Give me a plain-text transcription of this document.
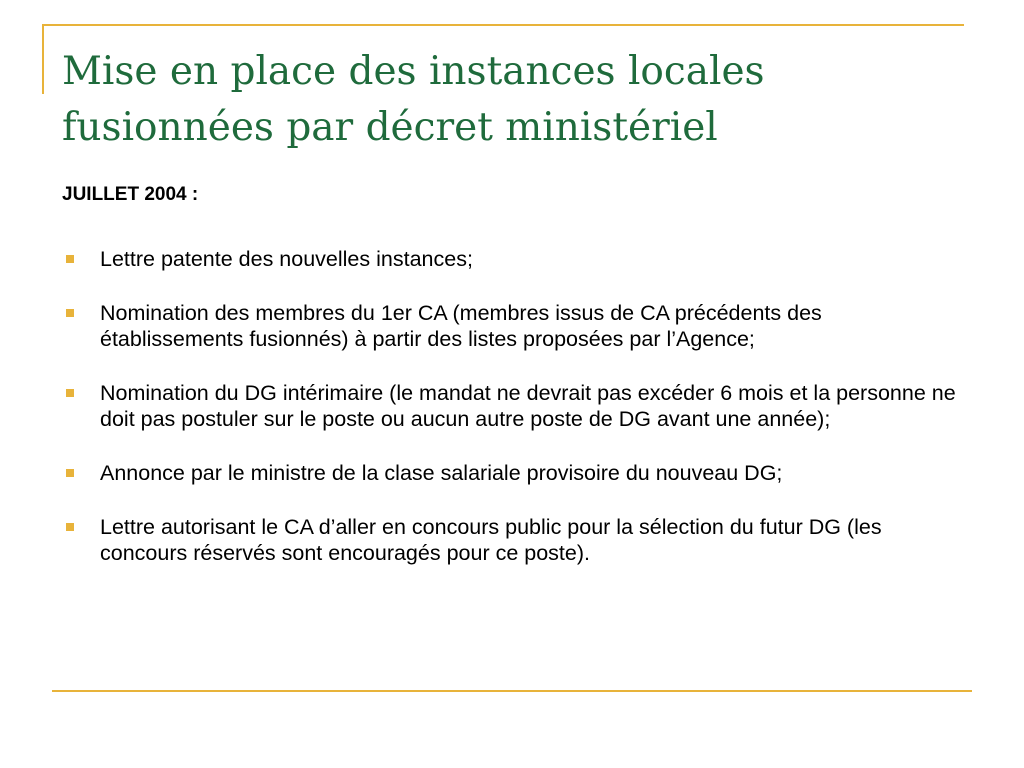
Mise en place des instances locales
fusionnées par décret ministériel

JUILLET 2004 :

Lettre patente des nouvelles instances;
Nomination des membres du 1er CA (membres issus de CA précédents des établissements fusionnés) à partir des listes proposées par l’Agence;
Nomination du DG intérimaire (le mandat ne devrait pas excéder 6 mois et la personne ne doit pas postuler sur le poste ou aucun autre poste de DG avant une année);
Annonce par le ministre de la clase salariale provisoire du nouveau DG;
Lettre autorisant le CA d’aller en concours public pour la sélection du futur DG (les concours réservés sont encouragés pour ce poste).
